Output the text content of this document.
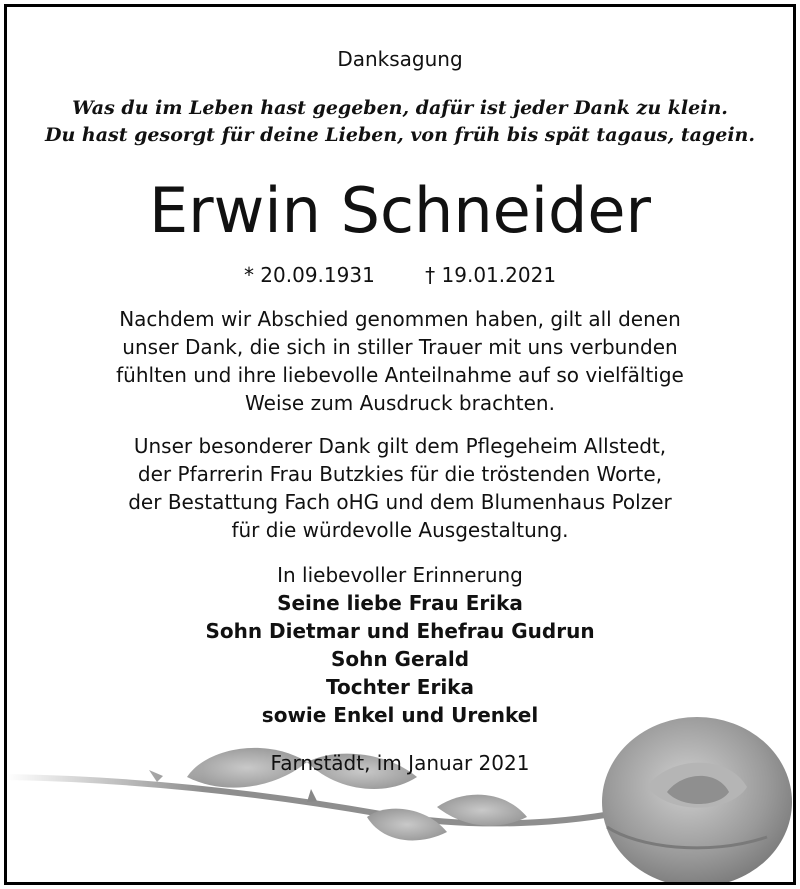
Danksagung
Was du im Leben hast gegeben, dafür ist jeder Dank zu klein.
Du hast gesorgt für deine Lieben, von früh bis spät tagaus, tagein.
Erwin Schneider
* 20.09.1931	† 19.01.2021
Nachdem wir Abschied genommen haben, gilt all denen
unser Dank, die sich in stiller Trauer mit uns verbunden
fühlten und ihre liebevolle Anteilnahme auf so vielfältige
Weise zum Ausdruck brachten.
Unser besonderer Dank gilt dem Pflegeheim Allstedt,
der Pfarrerin Frau Butzkies für die tröstenden Worte,
der Bestattung Fach oHG und dem Blumenhaus Polzer
für die würdevolle Ausgestaltung.
In liebevoller Erinnerung
Seine liebe Frau Erika
Sohn Dietmar und Ehefrau Gudrun
Sohn Gerald
Tochter Erika
Farnstädt, im Januar 2021
